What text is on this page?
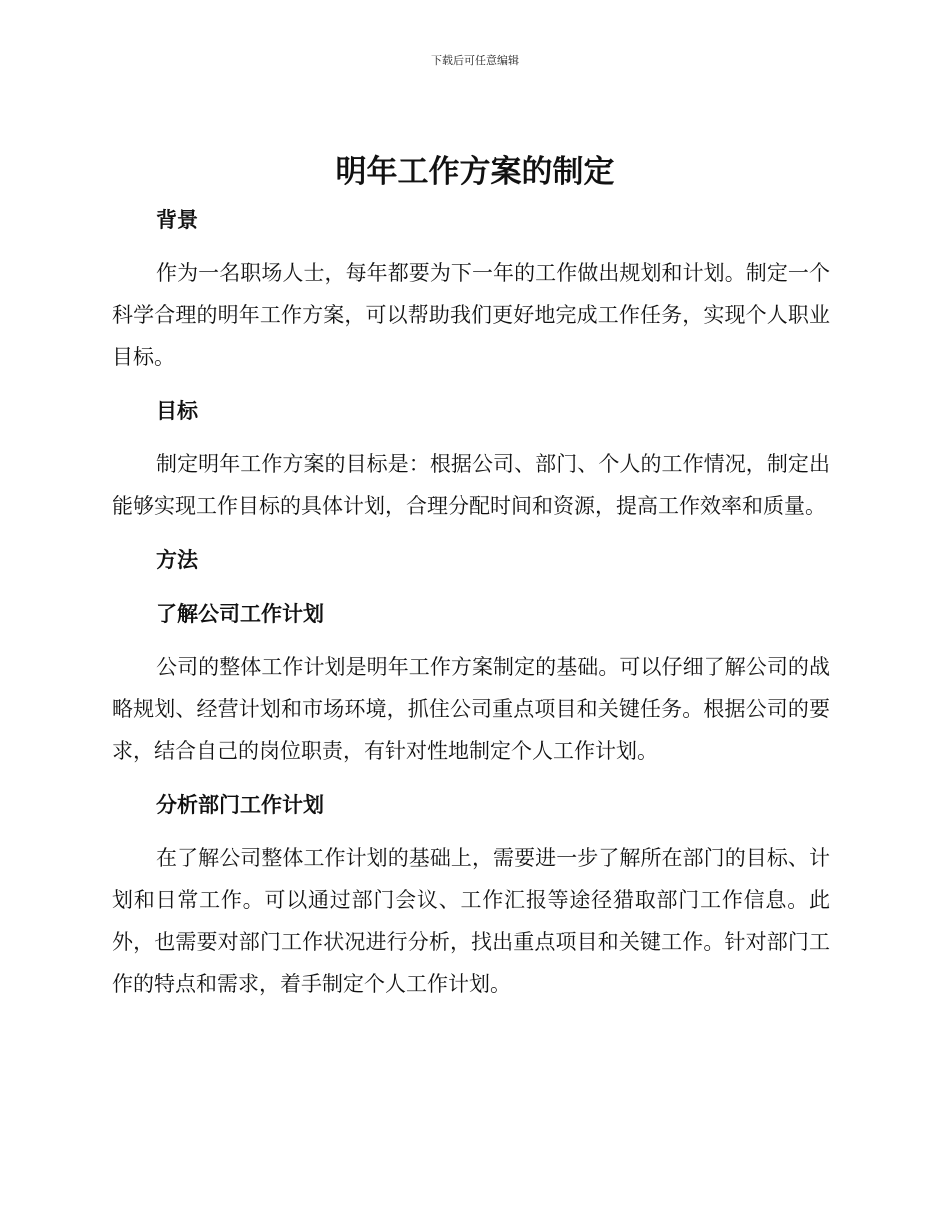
下载后可任意编辑
明年工作方案的制定
背景

作为一名职场人士，每年都要为下一年的工作做出规划和计划。制定一个科学合理的明年工作方案，可以帮助我们更好地完成工作任务，实现个人职业目标。

目标

制定明年工作方案的目标是：根据公司、部门、个人的工作情况，制定出能够实现工作目标的具体计划，合理分配时间和资源，提高工作效率和质量。

方法
了解公司工作计划

公司的整体工作计划是明年工作方案制定的基础。可以仔细了解公司的战略规划、经营计划和市场环境，抓住公司重点项目和关键任务。根据公司的要求，结合自己的岗位职责，有针对性地制定个人工作计划。

分析部门工作计划

在了解公司整体工作计划的基础上，需要进一步了解所在部门的目标、计划和日常工作。可以通过部门会议、工作汇报等途径猎取部门工作信息。此外，也需要对部门工作状况进行分析，找出重点项目和关键工作。针对部门工作的特点和需求，着手制定个人工作计划。
